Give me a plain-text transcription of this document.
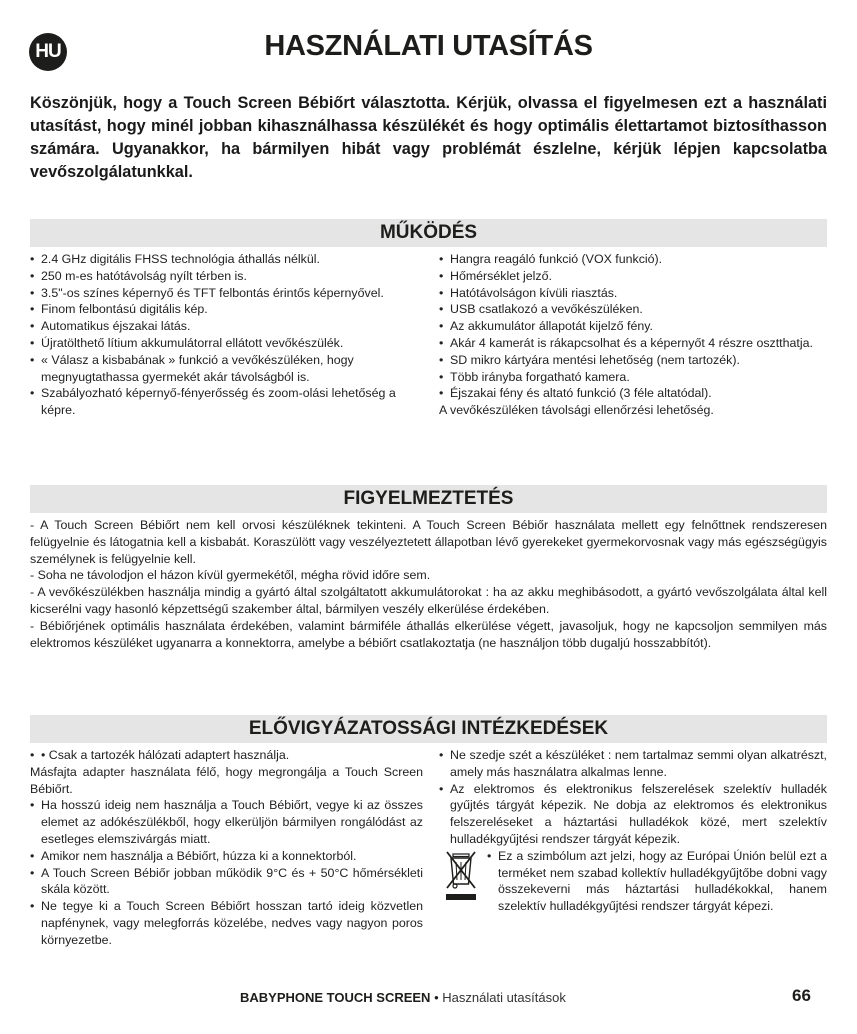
HU	HASZNÁLATI UTASÍTÁS
Köszönjük, hogy a Touch Screen Bébiőrt választotta. Kérjük, olvassa el figyelmesen ezt a használati utasítást, hogy minél jobban kihasználhassa készülékét és hogy optimális élettartamot biztosíthasson számára. Ugyanakkor, ha bármilyen hibát vagy problémát észlelne, kérjük lépjen kapcsolatba vevőszolgálatunkkal.
MŰKÖDÉS
• 2.4 GHz digitális FHSS technológia áthallás nélkül.
• 250 m-es hatótávolság nyílt térben is.
• 3.5"-os színes képernyő és TFT felbontás érintős képernyővel.
• Finom felbontású digitális kép.
• Automatikus éjszakai látás.
• Újratölthető lítium akkumulátorral ellátott vevőkészülék.
• « Válasz a kisbabának » funkció a vevőkészüléken, hogy megnyugtathassa gyermekét akár távolságból is.
• Szabályozható képernyő-fényerősség és zoom-olási lehetőség a képre.
• Hangra reagáló funkció (VOX funkció).
• Hőmérséklet jelző.
• Hatótávolságon kívüli riasztás.
• USB csatlakozó a vevőkészüléken.
• Az akkumulátor állapotát kijelző fény.
• Akár 4 kamerát is rákapcsolhat és a képernyőt 4 részre osztthatja.
• SD mikro kártyára mentési lehetőség (nem tartozék).
• Több irányba forgatható kamera.
• Éjszakai fény és altató funkció (3 féle altatódal).

A vevőkészüléken távolsági ellenőrzési lehetőség.

FIGYELMEZTETÉS

- A Touch Screen Bébiőrt nem kell orvosi készüléknek tekinteni. A Touch Screen Bébiőr használata mellett egy felnőttnek rendszeresen felügyelnie és látogatnia kell a kisbabát. Koraszülött vagy veszélyeztetett állapotban lévő gyerekeket gyermekorvosnak vagy más egészségügyis személynek is felügyelnie kell.

- Soha ne távolodjon el házon kívül gyermekétől, mégha rövid időre sem.

- A vevőkészülékben használja mindig a gyártó által szolgáltatott akkumulátorokat : ha az akku meghibásodott, a gyártó vevőszolgálata által kell kicserélni vagy hasonló képzettségű szakember által, bármilyen veszély elkerülése érdekében.

- Bébiőrjének optimális használata érdekében, valamint bármiféle áthallás elkerülése végett, javasoljuk, hogy ne kapcsoljon semmilyen más elektromos készüléket ugyanarra a konnektorra, amelybe a bébiőrt csatlakoztatja (ne használjon több dugaljú hosszabbítót).

ELŐVIGYÁZATOSSÁGI INTÉZKEDÉSEK
• • Csak a tartozék hálózati adaptert használja.

Másfajta adapter használata félő, hogy megrongálja a Touch Screen Bébiőrt.

• Ha hosszú ideig nem használja a Touch Bébiőrt, vegye ki az összes elemet az adókészülékből, hogy elkerüljön bármilyen rongálódást az esetleges elemszivárgás miatt.
• Amikor nem használja a Bébiőrt, húzza ki a konnektorból.
• A Touch Screen Bébiőr jobban működik 9°C és + 50°C hőmérsékleti skála között.
• Ne tegye ki a Touch Screen Bébiőrt hosszan tartó ideig közvetlen napfénynek, vagy melegforrás közelébe, nedves vagy nagyon poros környezetbe.
• Ne szedje szét a készüléket : nem tartalmaz semmi olyan alkatrészt, amely más használatra alkalmas lenne.
• Az elektromos és elektronikus felszerelések szelektív hulladék gyűjtés tárgyát képezik. Ne dobja az elektromos és elektronikus felszereléseket a háztartási hulladékok közé, mert szelektív hulladékgyűjtési rendszer tárgyát képezik.
• Ez a szimbólum azt jelzi, hogy az Európai Únión belül ezt a terméket nem szabad kollektív hulladékgyűjtőbe dobni vagy összekeverni más háztartási hulladékokkal, hanem szelektív hulladékgyűjtési rendszer tárgyát képezi.
BABYPHONE TOUCH SCREEN • Használati utasítások	66
